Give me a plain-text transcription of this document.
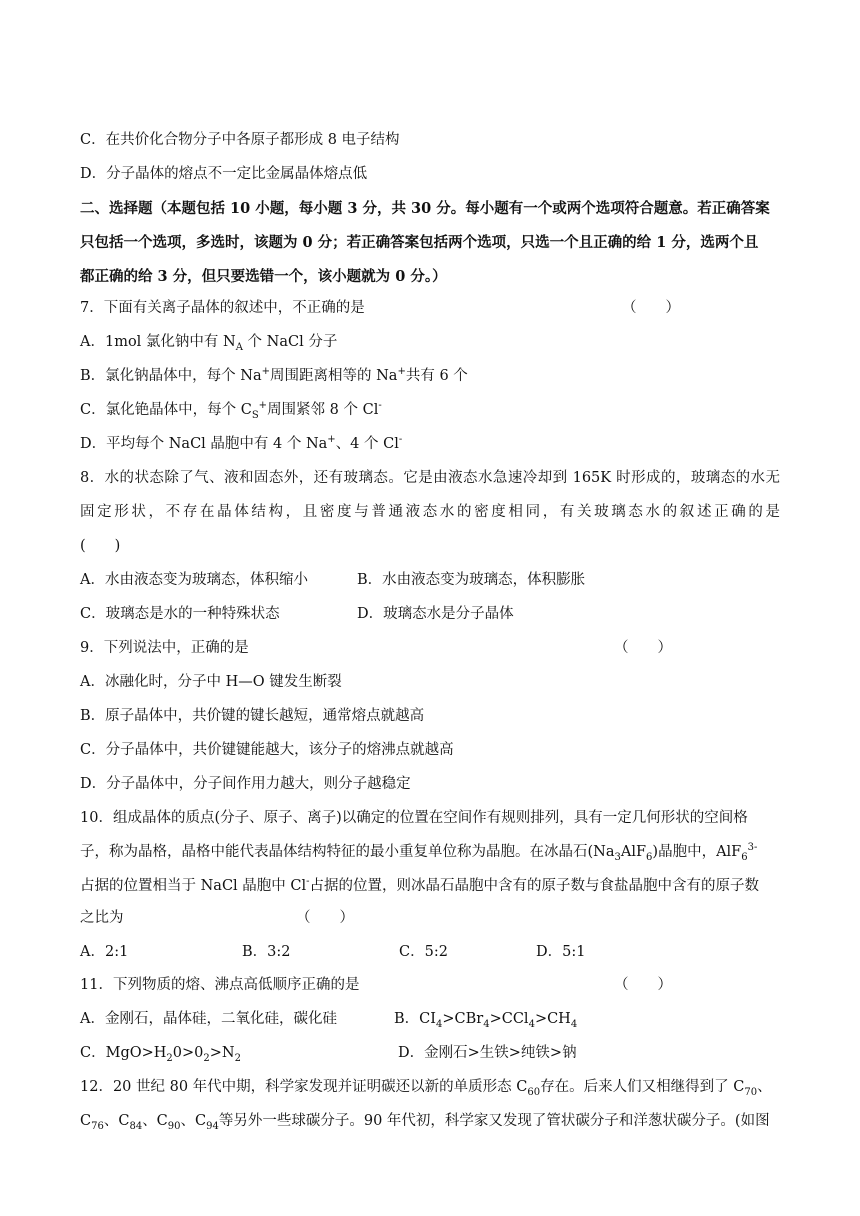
C．在共价化合物分子中各原子都形成 8 电子结构
D．分子晶体的熔点不一定比金属晶体熔点低
二、选择题（本题包括 10 小题，每小题 3 分，共 30 分。每小题有一个或两个选项符合题意。若正确答案
只包括一个选项，多选时，该题为 0 分；若正确答案包括两个选项，只选一个且正确的给 1 分，选两个且
都正确的给 3 分，但只要选错一个，该小题就为 0 分。）
7．下面有关离子晶体的叙述中，不正确的是	（　　）
A．1mol 氯化钠中有 $N_A$ 个 NaCl 分子
B．氯化钠晶体中，每个 Na+周围距离相等的 Na+共有 6 个
C．氯化铯晶体中，每个 $C_S^+$周围紧邻 8 个 Cl-
D．平均每个 NaCl 晶胞中有 4 个 Na+、4 个 Cl-
8．水的状态除了气、液和固态外，还有玻璃态。它是由液态水急速冷却到 165K 时形成的，玻璃态的水无
固定形状，不存在晶体结构，且密度与普通液态水的密度相同，有关玻璃态水的叙述正确的是
(　　)
A．水由液态变为玻璃态，体积缩小	B．水由液态变为玻璃态，体积膨胀
C．玻璃态是水的一种特殊状态	D．玻璃态水是分子晶体
9．下列说法中，正确的是	（　　）
A．冰融化时，分子中 H—O 键发生断裂
B．原子晶体中，共价键的键长越短，通常熔点就越高
C．分子晶体中，共价键键能越大，该分子的熔沸点就越高
D．分子晶体中，分子间作用力越大，则分子越稳定
10．组成晶体的质点(分子、原子、离子)以确定的位置在空间作有规则排列，具有一定几何形状的空间格
子，称为晶格，晶格中能代表晶体结构特征的最小重复单位称为晶胞。在冰晶石$(Na_3AlF_6)$晶胞中，AlF$_6^{3-}$
占据的位置相当于 NaCl 晶胞中 Cl-占据的位置，则冰晶石晶胞中含有的原子数与食盐晶胞中含有的原子数
之比为	（　　）
A．2:1	B．3:2	C．5:2	D．5:1
11．下列物质的熔、沸点高低顺序正确的是	（　　）
A．金刚石，晶体硅，二氧化硅，碳化硅	B．$CI_4>CBr_4>CCl_4>CH_4$
C．$MgO>H_20>0_2>N_2$	D．金刚石>生铁>纯铁>钠
12．20 世纪 80 年代中期，科学家发现并证明碳还以新的单质形态 $C_{60}$存在。后来人们又相继得到了 $C_{70}$、
$C_{76}$、$C_{84}$、$C_{90}$、$C_{94}$等另外一些球碳分子。90 年代初，科学家又发现了管状碳分子和洋葱状碳分子。(如图
